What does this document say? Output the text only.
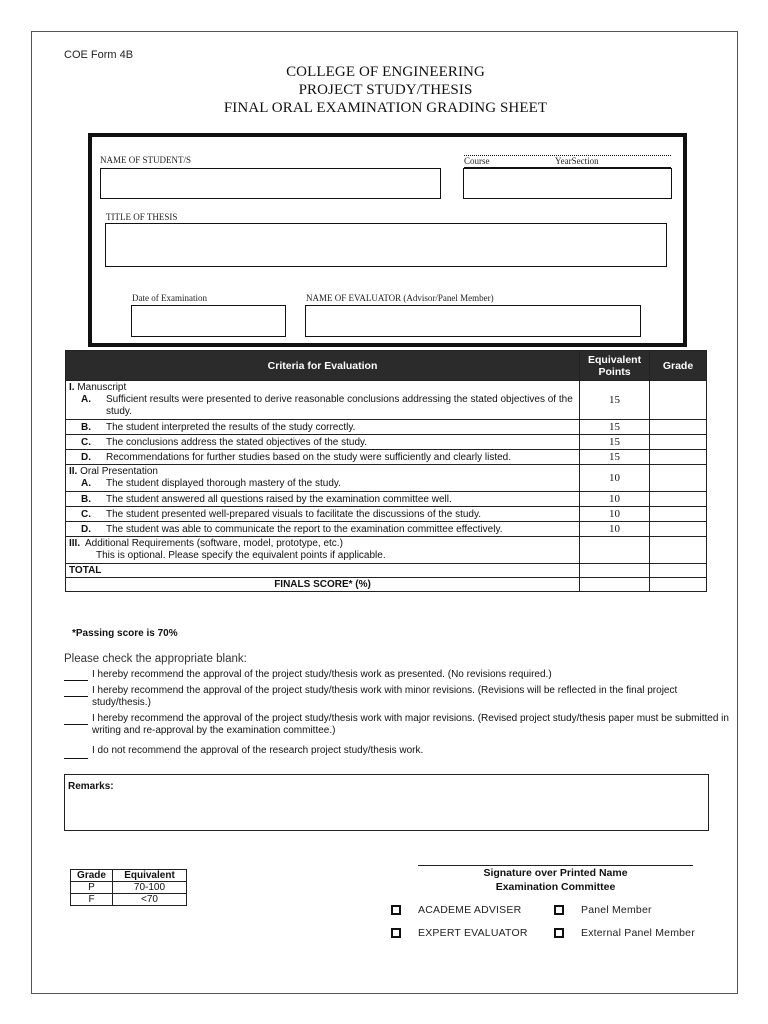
COE Form 4B
COLLEGE OF ENGINEERING
PROJECT STUDY/THESIS
FINAL ORAL EXAMINATION GRADING SHEET
NAME OF STUDENT/S	Course	YearSection
TITLE OF THESIS
Date of Examination	NAME OF EVALUATOR (Advisor/Panel Member)
Criteria for Evaluation	Equivalent Points	Grade

I. Manuscript
A. Sufficient results were presented to derive reasonable conclusions addressing the stated objectives of the study.	15	
B. The student interpreted the results of the study correctly.	15	
C. The conclusions address the stated objectives of the study.	15	
D. Recommendations for further studies based on the study were sufficiently and clearly listed.	15	

II. Oral Presentation
A. The student displayed thorough mastery of the study.	10	
B. The student answered all questions raised by the examination committee well.	10	
C. The student presented well-prepared visuals to facilitate the discussions of the study.	10	
D. The student was able to communicate the report to the examination committee effectively.	10	

III. Additional Requirements (software, model, prototype, etc.)
This is optional. Please specify the equivalent points if applicable.		

TOTAL		
FINALS SCORE* (%)		
*Passing score is 70%
Please check the appropriate blank:
I hereby recommend the approval of the project study/thesis work as presented. (No revisions required.)
I hereby recommend the approval of the project study/thesis work with minor revisions. (Revisions will be reflected in the final project study/thesis.)
I hereby recommend the approval of the project study/thesis work with major revisions. (Revised project study/thesis paper must be submitted in writing and re-approval by the examination committee.)
I do not recommend the approval of the research project study/thesis work.
Remarks:
Grade	Equivalent
P	70-100
F	<70
Signature over Printed Name
Examination Committee
ACADEME ADVISER	Panel Member
EXPERT EVALUATOR	External Panel Member
